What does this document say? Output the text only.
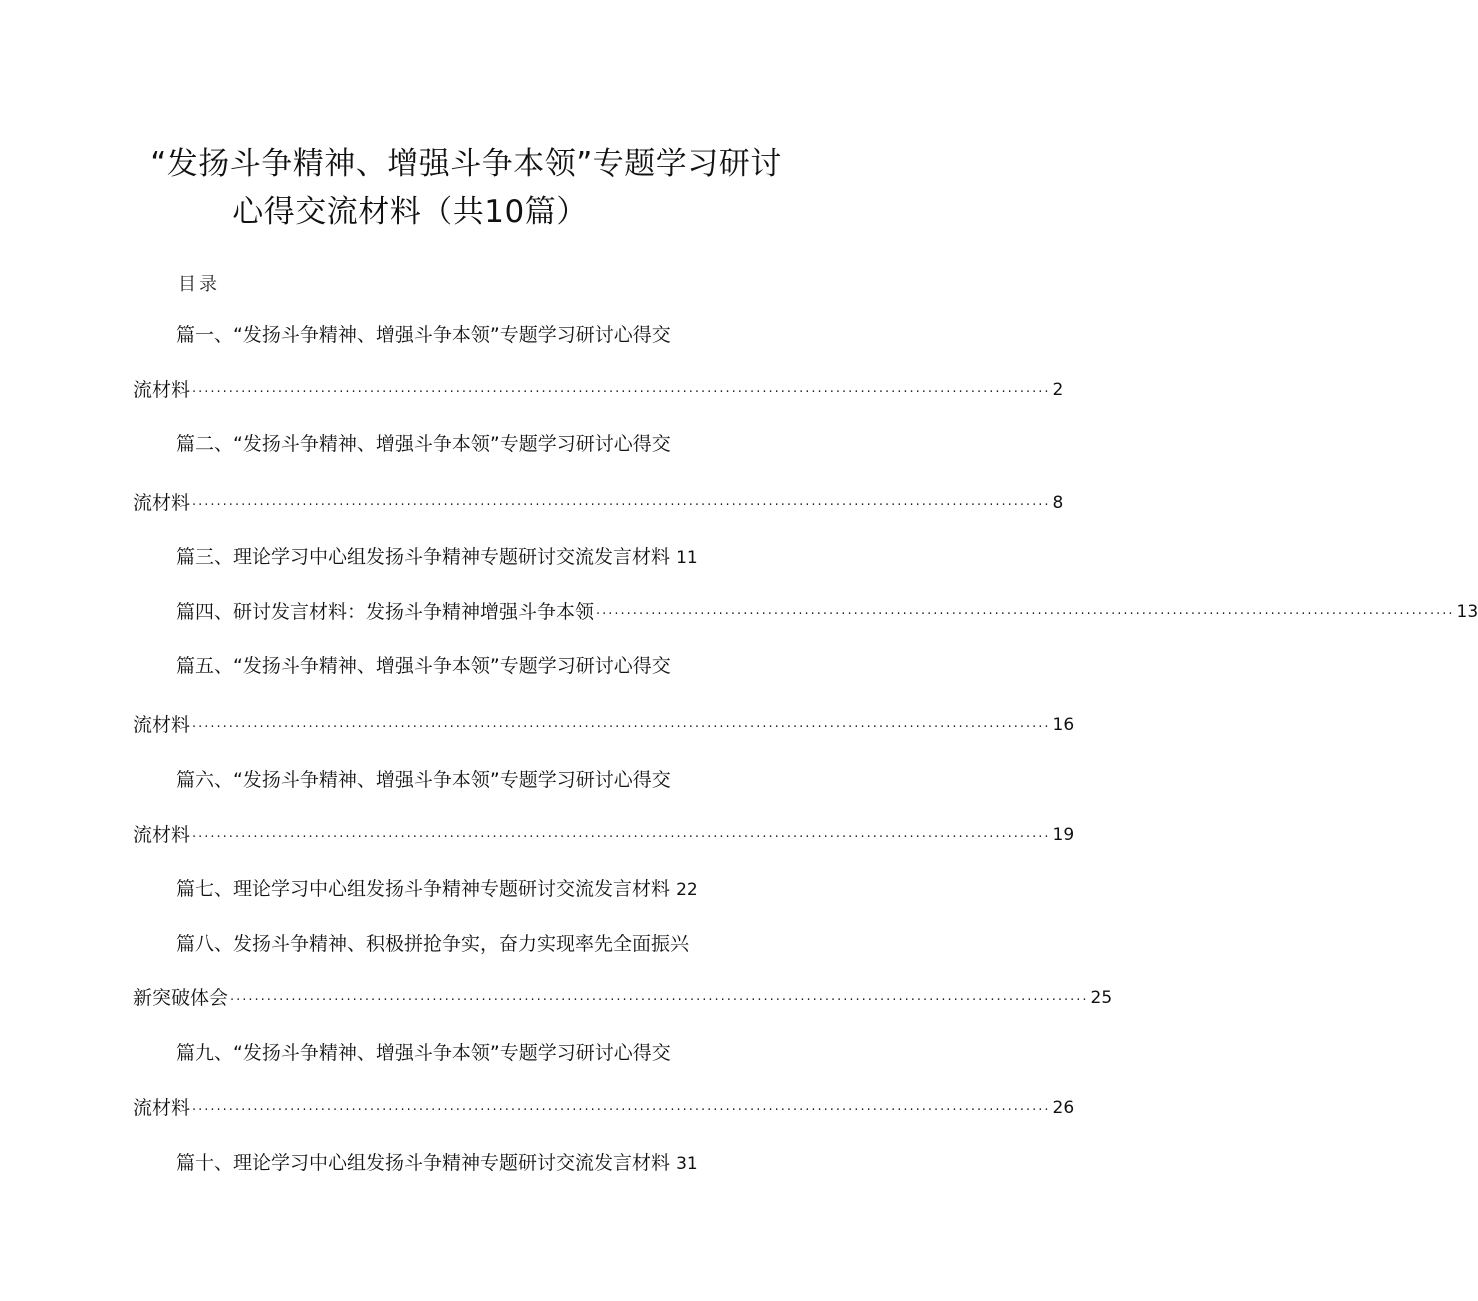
“发扬斗争精神、增强斗争本领”专题学习研讨
心得交流材料（共10篇）
目录
篇一、“发扬斗争精神、增强斗争本领”专题学习研讨心得交
流材料 ............................................................................................................................................ 2
篇二、“发扬斗争精神、增强斗争本领”专题学习研讨心得交
流材料 ............................................................................................................................................ 8
篇三、理论学习中心组发扬斗争精神专题研讨交流发言材料 11
篇四、研讨发言材料：发扬斗争精神增强斗争本领 ............................................................................................................................................ 13
篇五、“发扬斗争精神、增强斗争本领”专题学习研讨心得交
流材料 ............................................................................................................................................ 16
篇六、“发扬斗争精神、增强斗争本领”专题学习研讨心得交
流材料 ............................................................................................................................................ 19
篇七、理论学习中心组发扬斗争精神专题研讨交流发言材料 22
篇八、发扬斗争精神、积极拼抢争实，奋力实现率先全面振兴
新突破体会 ............................................................................................................................................ 25
篇九、“发扬斗争精神、增强斗争本领”专题学习研讨心得交
流材料 ............................................................................................................................................ 26
篇十、理论学习中心组发扬斗争精神专题研讨交流发言材料 31
